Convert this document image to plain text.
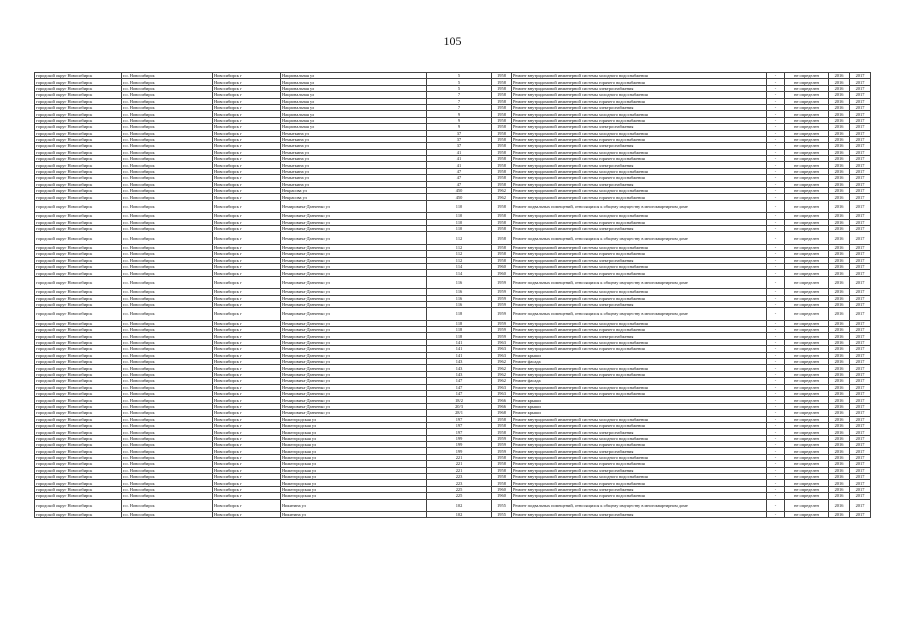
105
городской округ Новосибирск	г.о. Новосибирск	Новосибирск г	Национальная ул	5	1958	Ремонт внутридомовой инженерной системы холодного водоснабжения	-	не определен	2016	2017
городской округ Новосибирск	г.о. Новосибирск	Новосибирск г	Национальная ул	5	1958	Ремонт внутридомовой инженерной системы горячего водоснабжения	-	не определен	2016	2017
городской округ Новосибирск	г.о. Новосибирск	Новосибирск г	Национальная ул	5	1958	Ремонт внутридомовой инженерной системы электроснабжения	-	не определен	2016	2017
городской округ Новосибирск	г.о. Новосибирск	Новосибирск г	Национальная ул	7	1958	Ремонт внутридомовой инженерной системы холодного водоснабжения	-	не определен	2016	2017
городской округ Новосибирск	г.о. Новосибирск	Новосибирск г	Национальная ул	7	1958	Ремонт внутридомовой инженерной системы горячего водоснабжения	-	не определен	2016	2017
городской округ Новосибирск	г.о. Новосибирск	Новосибирск г	Национальная ул	7	1958	Ремонт внутридомовой инженерной системы электроснабжения	-	не определен	2016	2017
городской округ Новосибирск	г.о. Новосибирск	Новосибирск г	Национальная ул	9	1958	Ремонт внутридомовой инженерной системы холодного водоснабжения	-	не определен	2016	2017
городской округ Новосибирск	г.о. Новосибирск	Новосибирск г	Национальная ул	9	1958	Ремонт внутридомовой инженерной системы горячего водоснабжения	-	не определен	2016	2017
городской округ Новосибирск	г.о. Новосибирск	Новосибирск г	Национальная ул	9	1958	Ремонт внутридомовой инженерной системы электроснабжения	-	не определен	2016	2017
городской округ Новосибирск	г.о. Новосибирск	Новосибирск г	Немыткина ул	37	1958	Ремонт внутридомовой инженерной системы холодного водоснабжения	-	не определен	2016	2017
городской округ Новосибирск	г.о. Новосибирск	Новосибирск г	Немыткина ул	37	1958	Ремонт внутридомовой инженерной системы горячего водоснабжения	-	не определен	2016	2017
городской округ Новосибирск	г.о. Новосибирск	Новосибирск г	Немыткина ул	37	1958	Ремонт внутридомовой инженерной системы электроснабжения	-	не определен	2016	2017
городской округ Новосибирск	г.о. Новосибирск	Новосибирск г	Немыткина ул	41	1958	Ремонт внутридомовой инженерной системы холодного водоснабжения	-	не определен	2016	2017
городской округ Новосибирск	г.о. Новосибирск	Новосибирск г	Немыткина ул	41	1958	Ремонт внутридомовой инженерной системы горячего водоснабжения	-	не определен	2016	2017
городской округ Новосибирск	г.о. Новосибирск	Новосибирск г	Немыткина ул	41	1958	Ремонт внутридомовой инженерной системы электроснабжения	-	не определен	2016	2017
городской округ Новосибирск	г.о. Новосибирск	Новосибирск г	Немыткина ул	47	1958	Ремонт внутридомовой инженерной системы холодного водоснабжения	-	не определен	2016	2017
городской округ Новосибирск	г.о. Новосибирск	Новосибирск г	Немыткина ул	47	1958	Ремонт внутридомовой инженерной системы горячего водоснабжения	-	не определен	2016	2017
городской округ Новосибирск	г.о. Новосибирск	Новосибирск г	Немыткина ул	47	1958	Ремонт внутридомовой инженерной системы электроснабжения	-	не определен	2016	2017
городской округ Новосибирск	г.о. Новосибирск	Новосибирск г	Некрасова ул	450	1962	Ремонт внутридомовой инженерной системы холодного водоснабжения	-	не определен	2016	2017
городской округ Новосибирск	г.о. Новосибирск	Новосибирск г	Некрасова ул	450	1962	Ремонт внутридомовой инженерной системы горячего водоснабжения	-	не определен	2016	2017
городской округ Новосибирск	г.о. Новосибирск	Новосибирск г	Немировича-Данченко ул	110	1958	Ремонт подвальных помещений, относящихся к общему имуществу в многоквартирном доме	-	не определен	2016	2017
городской округ Новосибирск	г.о. Новосибирск	Новосибирск г	Немировича-Данченко ул	110	1958	Ремонт внутридомовой инженерной системы холодного водоснабжения	-	не определен	2016	2017
городской округ Новосибирск	г.о. Новосибирск	Новосибирск г	Немировича-Данченко ул	110	1958	Ремонт внутридомовой инженерной системы горячего водоснабжения	-	не определен	2016	2017
городской округ Новосибирск	г.о. Новосибирск	Новосибирск г	Немировича-Данченко ул	110	1958	Ремонт внутридомовой инженерной системы электроснабжения	-	не определен	2016	2017
городской округ Новосибирск	г.о. Новосибирск	Новосибирск г	Немировича-Данченко ул	112	1958	Ремонт подвальных помещений, относящихся к общему имуществу в многоквартирном доме	-	не определен	2016	2017
городской округ Новосибирск	г.о. Новосибирск	Новосибирск г	Немировича-Данченко ул	112	1958	Ремонт внутридомовой инженерной системы холодного водоснабжения	-	не определен	2016	2017
городской округ Новосибирск	г.о. Новосибирск	Новосибирск г	Немировича-Данченко ул	112	1958	Ремонт внутридомовой инженерной системы горячего водоснабжения	-	не определен	2016	2017
городской округ Новосибирск	г.о. Новосибирск	Новосибирск г	Немировича-Данченко ул	112	1958	Ремонт внутридомовой инженерной системы электроснабжения	-	не определен	2016	2017
городской округ Новосибирск	г.о. Новосибирск	Новосибирск г	Немировича-Данченко ул	114	1960	Ремонт внутридомовой инженерной системы холодного водоснабжения	-	не определен	2016	2017
городской округ Новосибирск	г.о. Новосибирск	Новосибирск г	Немировича-Данченко ул	114	1960	Ремонт внутридомовой инженерной системы горячего водоснабжения	-	не определен	2016	2017
городской округ Новосибирск	г.о. Новосибирск	Новосибирск г	Немировича-Данченко ул	116	1959	Ремонт подвальных помещений, относящихся к общему имуществу в многоквартирном доме	-	не определен	2016	2017
городской округ Новосибирск	г.о. Новосибирск	Новосибирск г	Немировича-Данченко ул	116	1959	Ремонт внутридомовой инженерной системы холодного водоснабжения	-	не определен	2016	2017
городской округ Новосибирск	г.о. Новосибирск	Новосибирск г	Немировича-Данченко ул	116	1959	Ремонт внутридомовой инженерной системы горячего водоснабжения	-	не определен	2016	2017
городской округ Новосибирск	г.о. Новосибирск	Новосибирск г	Немировича-Данченко ул	116	1959	Ремонт внутридомовой инженерной системы электроснабжения	-	не определен	2016	2017
городской округ Новосибирск	г.о. Новосибирск	Новосибирск г	Немировича-Данченко ул	118	1959	Ремонт подвальных помещений, относящихся к общему имуществу в многоквартирном доме	-	не определен	2016	2017
городской округ Новосибирск	г.о. Новосибирск	Новосибирск г	Немировича-Данченко ул	118	1959	Ремонт внутридомовой инженерной системы холодного водоснабжения	-	не определен	2016	2017
городской округ Новосибирск	г.о. Новосибирск	Новосибирск г	Немировича-Данченко ул	118	1959	Ремонт внутридомовой инженерной системы горячего водоснабжения	-	не определен	2016	2017
городской округ Новосибирск	г.о. Новосибирск	Новосибирск г	Немировича-Данченко ул	118	1959	Ремонт внутридомовой инженерной системы электроснабжения	-	не определен	2016	2017
городской округ Новосибирск	г.о. Новосибирск	Новосибирск г	Немировича-Данченко ул	141	1963	Ремонт внутридомовой инженерной системы холодного водоснабжения	-	не определен	2016	2017
городской округ Новосибирск	г.о. Новосибирск	Новосибирск г	Немировича-Данченко ул	141	1963	Ремонт внутридомовой инженерной системы горячего водоснабжения	-	не определен	2016	2017
городской округ Новосибирск	г.о. Новосибирск	Новосибирск г	Немировича-Данченко ул	141	1963	Ремонт крыши	-	не определен	2016	2017
городской округ Новосибирск	г.о. Новосибирск	Новосибирск г	Немировича-Данченко ул	143	1962	Ремонт фасада	-	не определен	2016	2017
городской округ Новосибирск	г.о. Новосибирск	Новосибирск г	Немировича-Данченко ул	143	1962	Ремонт внутридомовой инженерной системы холодного водоснабжения	-	не определен	2016	2017
городской округ Новосибирск	г.о. Новосибирск	Новосибирск г	Немировича-Данченко ул	143	1962	Ремонт внутридомовой инженерной системы горячего водоснабжения	-	не определен	2016	2017
городской округ Новосибирск	г.о. Новосибирск	Новосибирск г	Немировича-Данченко ул	147	1962	Ремонт фасада	-	не определен	2016	2017
городской округ Новосибирск	г.о. Новосибирск	Новосибирск г	Немировича-Данченко ул	147	1963	Ремонт внутридомовой инженерной системы холодного водоснабжения	-	не определен	2016	2017
городской округ Новосибирск	г.о. Новосибирск	Новосибирск г	Немировича-Данченко ул	147	1963	Ремонт внутридомовой инженерной системы горячего водоснабжения	-	не определен	2016	2017
городской округ Новосибирск	г.о. Новосибирск	Новосибирск г	Немировича-Данченко ул	18/2	1966	Ремонт крыши	-	не определен	2016	2017
городской округ Новосибирск	г.о. Новосибирск	Новосибирск г	Немировича-Данченко ул	20/3	1966	Ремонт крыши	-	не определен	2016	2017
городской округ Новосибирск	г.о. Новосибирск	Новосибирск г	Немировича-Данченко ул	28/1	1968	Ремонт крыши	-	не определен	2016	2017
городской округ Новосибирск	г.о. Новосибирск	Новосибирск г	Нижегородская ул	197	1958	Ремонт внутридомовой инженерной системы холодного водоснабжения	-	не определен	2016	2017
городской округ Новосибирск	г.о. Новосибирск	Новосибирск г	Нижегородская ул	197	1958	Ремонт внутридомовой инженерной системы горячего водоснабжения	-	не определен	2016	2017
городской округ Новосибирск	г.о. Новосибирск	Новосибирск г	Нижегородская ул	197	1958	Ремонт внутридомовой инженерной системы электроснабжения	-	не определен	2016	2017
городской округ Новосибирск	г.о. Новосибирск	Новосибирск г	Нижегородская ул	199	1959	Ремонт внутридомовой инженерной системы холодного водоснабжения	-	не определен	2016	2017
городской округ Новосибирск	г.о. Новосибирск	Новосибирск г	Нижегородская ул	199	1959	Ремонт внутридомовой инженерной системы горячего водоснабжения	-	не определен	2016	2017
городской округ Новосибирск	г.о. Новосибирск	Новосибирск г	Нижегородская ул	199	1959	Ремонт внутридомовой инженерной системы электроснабжения	-	не определен	2016	2017
городской округ Новосибирск	г.о. Новосибирск	Новосибирск г	Нижегородская ул	221	1958	Ремонт внутридомовой инженерной системы холодного водоснабжения	-	не определен	2016	2017
городской округ Новосибирск	г.о. Новосибирск	Новосибирск г	Нижегородская ул	221	1958	Ремонт внутридомовой инженерной системы горячего водоснабжения	-	не определен	2016	2017
городской округ Новосибирск	г.о. Новосибирск	Новосибирск г	Нижегородская ул	221	1958	Ремонт внутридомовой инженерной системы электроснабжения	-	не определен	2016	2017
городской округ Новосибирск	г.о. Новосибирск	Новосибирск г	Нижегородская ул	223	1958	Ремонт внутридомовой инженерной системы холодного водоснабжения	-	не определен	2016	2017
городской округ Новосибирск	г.о. Новосибирск	Новосибирск г	Нижегородская ул	223	1958	Ремонт внутридомовой инженерной системы горячего водоснабжения	-	не определен	2016	2017
городской округ Новосибирск	г.о. Новосибирск	Новосибирск г	Нижегородская ул	225	1960	Ремонт внутридомовой инженерной системы электроснабжения	-	не определен	2016	2017
городской округ Новосибирск	г.о. Новосибирск	Новосибирск г	Нижегородская ул	225	1960	Ремонт внутридомовой инженерной системы горячего водоснабжения	-	не определен	2016	2017
городской округ Новосибирск	г.о. Новосибирск	Новосибирск г	Никитина ул	102	1955	Ремонт подвальных помещений, относящихся к общему имуществу в многоквартирном доме	-	не определен	2016	2017
городской округ Новосибирск	г.о. Новосибирск	Новосибирск г	Никитина ул	102	1955	Ремонт внутридомовой инженерной системы электроснабжения	-	не определен	2016	2017
